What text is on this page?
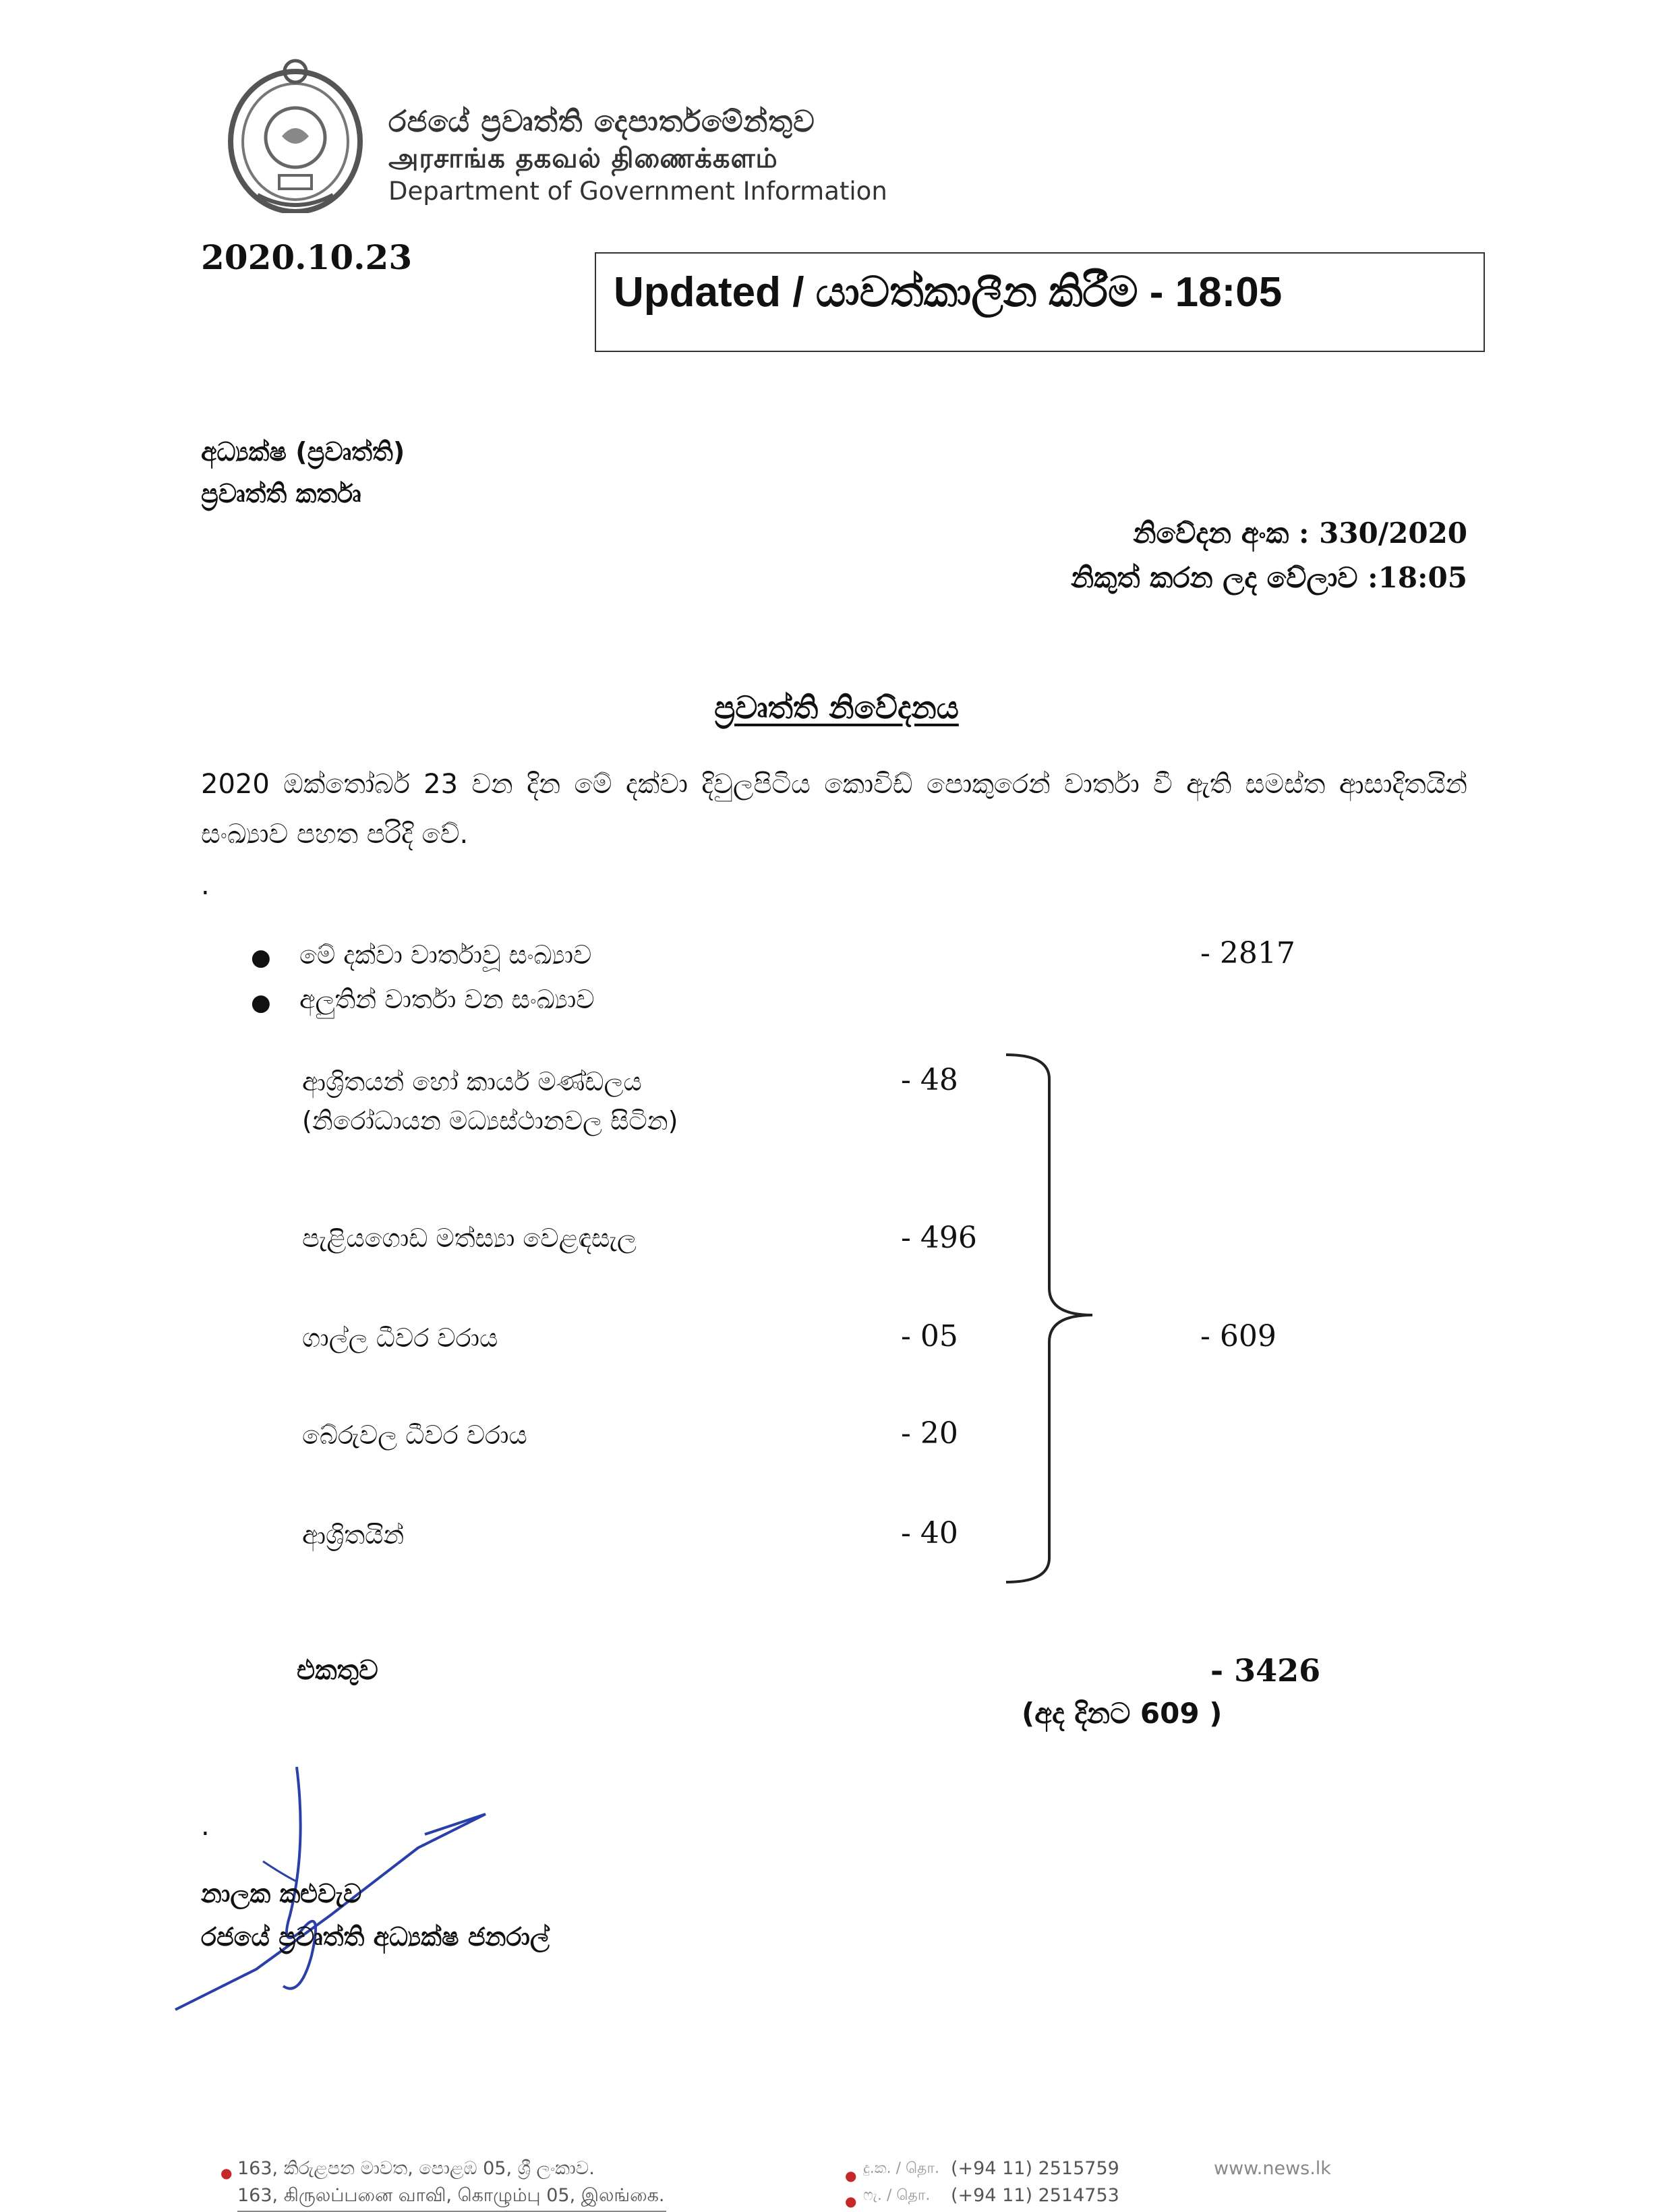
රජයේ ප්‍රවෘත්ති දෙපාර්තමේන්තුව
அரசாங்க தகவல் திணைக்களம்
Department of Government Information
2020.10.23
Updated / යාවත්කාලීන කිරීම - 18:05
අධ්‍යක්ෂ (ප්‍රවෘත්ති)
ප්‍රවෘත්ති කර්තෘ
නිවේදන අංක : 330/2020
නිකුත් කරන ලද වේලාව :18:05
ප්‍රවෘත්ති නිවේදනය
2020 ඔක්තෝබර් 23 වන දින මේ දක්වා දිවුලපිටිය කොවිඩ් පොකුරෙන් වාර්තා වී ඇති සමස්ත ආසාදිතයින් සංඛ්‍යාව පහත පරිදි වේ.
.
● මේ දක්වා වාර්තාවූ සංඛ්‍යාව	- 2817
● අලුතින් වාර්තා වන සංඛ්‍යාව
ආශ්‍රිතයන් හෝ කාර්ය මණ්ඩලය
(නිරෝධායන මධ්‍යස්ථානවල සිටින)
- 48
පැළියගොඩ මත්ස්‍යා වෙළඳසැල	- 496
ගාල්ල ධීවර වරාය	- 05
බේරුවල ධීවර වරාය	- 20
ආශ්‍රිතයින්	- 40
- 609
එකතුව	- 3426
(අද දිනට 609 )
.
නාලක කළුවැව
රජයේ ප්‍රවෘත්ති අධ්‍යක්ෂ ජනරාල්
● 163, කිරුළපන මාවත, පොළඹ 05, ශ්‍රී ලංකාව.
163, கிருலப்பனை வாவி, கொழும்பு 05, இலங்கை.
●
●
දු.ක. / தொ.
ෆැ. / தொ.
(+94 11) 2515759
(+94 11) 2514753
www.news.lk
